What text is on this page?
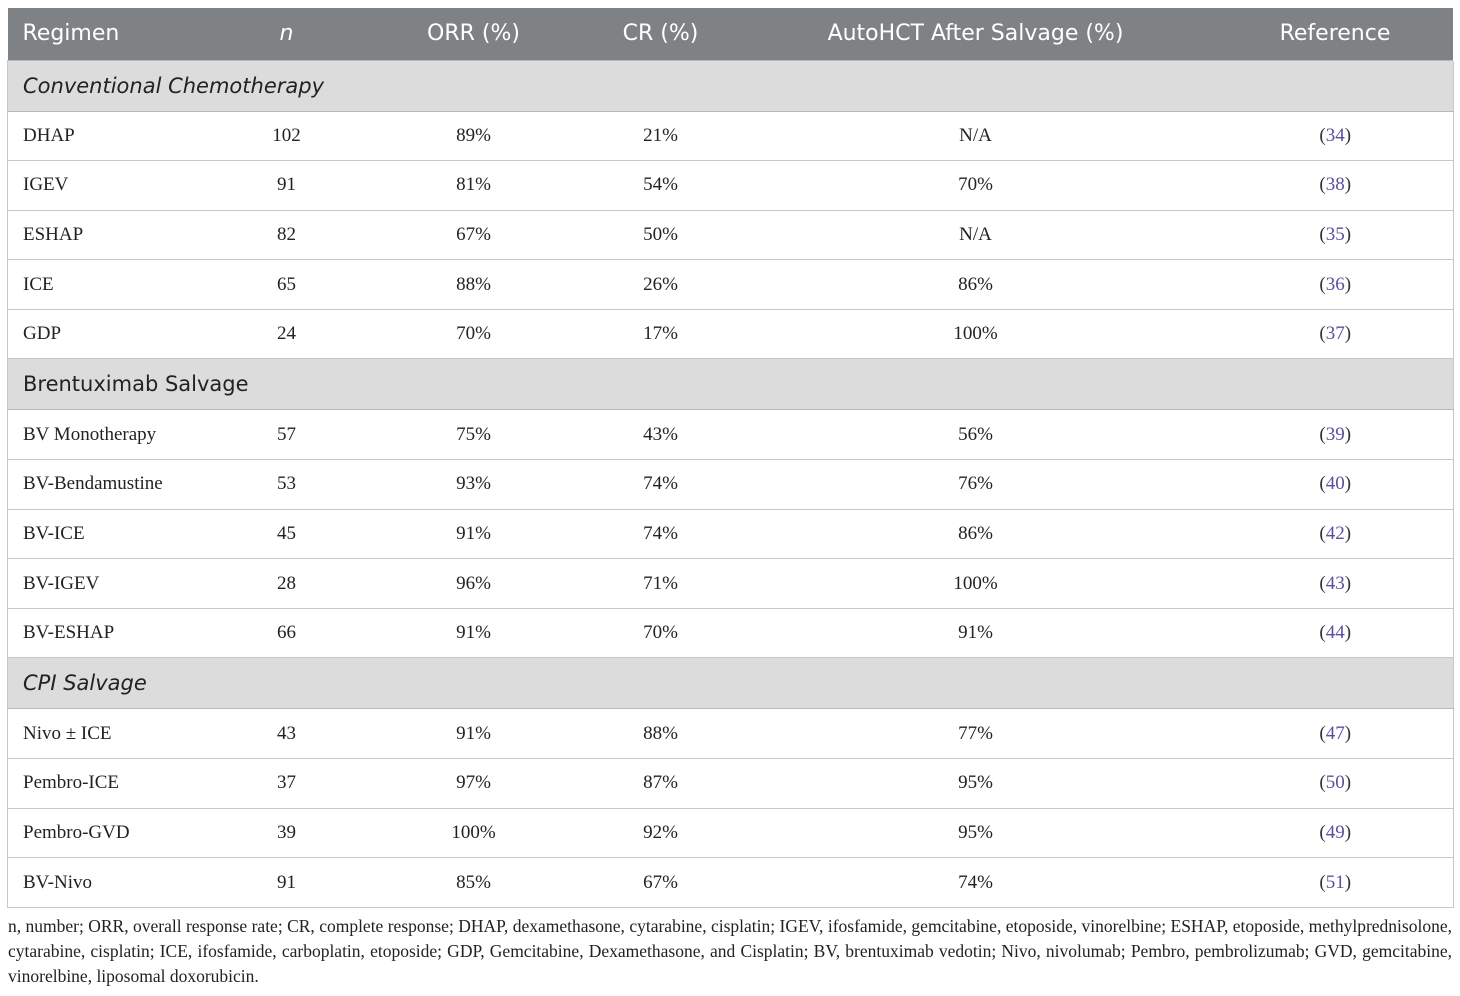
Regimen	n	ORR (%)	CR (%)	AutoHCT After Salvage (%)	Reference
Conventional Chemotherapy					
DHAP	102	89%	21%	N/A	(34)
IGEV	91	81%	54%	70%	(38)
ESHAP	82	67%	50%	N/A	(35)
ICE	65	88%	26%	86%	(36)
GDP	24	70%	17%	100%	(37)
Brentuximab Salvage					
BV Monotherapy	57	75%	43%	56%	(39)
BV-Bendamustine	53	93%	74%	76%	(40)
BV-ICE	45	91%	74%	86%	(42)
BV-IGEV	28	96%	71%	100%	(43)
BV-ESHAP	66	91%	70%	91%	(44)
CPI Salvage					
Nivo ± ICE	43	91%	88%	77%	(47)
Pembro-ICE	37	97%	87%	95%	(50)
Pembro-GVD	39	100%	92%	95%	(49)
BV-Nivo	91	85%	67%	74%	(51)
n, number; ORR, overall response rate; CR, complete response; DHAP, dexamethasone, cytarabine, cisplatin; IGEV, ifosfamide, gemcitabine, etoposide, vinorelbine; ESHAP, etoposide, methylprednisolone, cytarabine, cisplatin; ICE, ifosfamide, carboplatin, etoposide; GDP, Gemcitabine, Dexamethasone, and Cisplatin; BV, brentuximab vedotin; Nivo, nivolumab; Pembro, pembrolizumab; GVD, gemcitabine, vinorelbine, liposomal doxorubicin.
